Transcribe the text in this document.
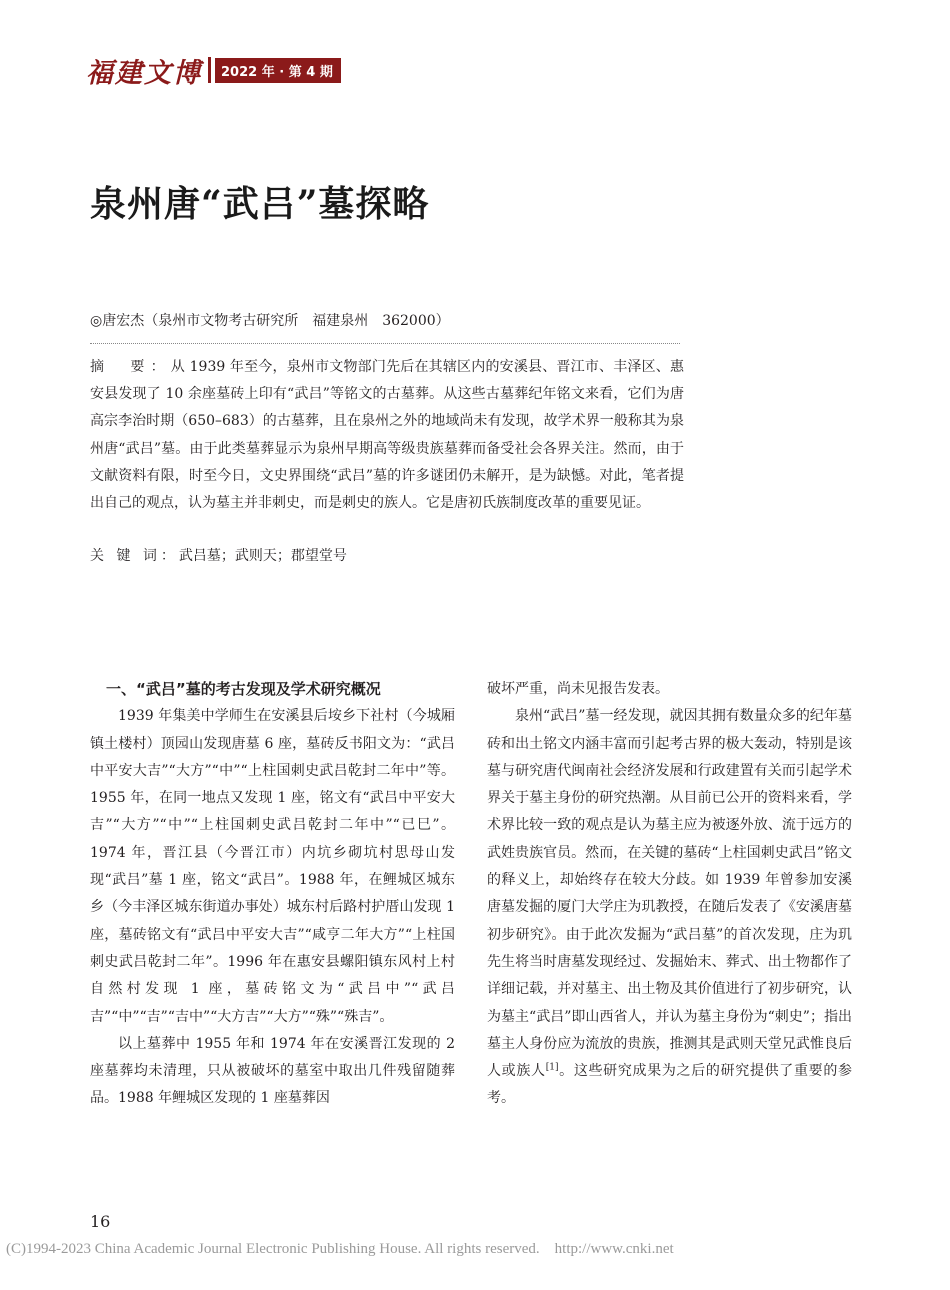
福建文博	2022 年 · 第 4 期
泉州唐“武吕”墓探略
◎唐宏杰（泉州市文物考古研究所　福建泉州　362000）

摘　要：从 1939 年至今，泉州市文物部门先后在其辖区内的安溪县、晋江市、丰泽区、惠安县发现了 10 余座墓砖上印有“武吕”等铭文的古墓葬。从这些古墓葬纪年铭文来看，它们为唐高宗李治时期（650–683）的古墓葬，且在泉州之外的地域尚未有发现，故学术界一般称其为泉州唐“武吕”墓。由于此类墓葬显示为泉州早期高等级贵族墓葬而备受社会各界关注。然而，由于文献资料有限，时至今日，文史界围绕“武吕”墓的许多谜团仍未解开，是为缺憾。对此，笔者提出自己的观点，认为墓主并非刺史，而是刺史的族人。它是唐初氏族制度改革的重要见证。

关 键 词：武吕墓；武则天；郡望堂号
一、“武吕”墓的考古发现及学术研究概况

1939 年集美中学师生在安溪县后垵乡下社村（今城厢镇土楼村）顶园山发现唐墓 6 座，墓砖反书阳文为：“武吕中平安大吉”“大方”“中”“上柱国刺史武吕乾封二年中”等。1955 年，在同一地点又发现 1 座，铭文有“武吕中平安大吉”“大方”“中”“上柱国刺史武吕乾封二年中”“已巳”。1974 年，晋江县（今晋江市）内坑乡砌坑村思母山发现“武吕”墓 1 座，铭文“武吕”。1988 年，在鲤城区城东乡（今丰泽区城东街道办事处）城东村后路村护厝山发现 1 座，墓砖铭文有“武吕中平安大吉”“咸亨二年大方”“上柱国刺史武吕乾封二年”。1996 年在惠安县螺阳镇东风村上村自然村发现 1 座，墓砖铭文为“武吕中”“武吕吉”“中”“吉”“吉中”“大方吉”“大方”“殊”“殊吉”。

以上墓葬中 1955 年和 1974 年在安溪晋江发现的 2 座墓葬均未清理，只从被破坏的墓室中取出几件残留随葬品。1988 年鲤城区发现的 1 座墓葬因

破坏严重，尚未见报告发表。

泉州“武吕”墓一经发现，就因其拥有数量众多的纪年墓砖和出土铭文内涵丰富而引起考古界的极大轰动，特别是该墓与研究唐代闽南社会经济发展和行政建置有关而引起学术界关于墓主身份的研究热潮。从目前已公开的资料来看，学术界比较一致的观点是认为墓主应为被逐外放、流于远方的武姓贵族官员。然而，在关键的墓砖“上柱国刺史武吕”铭文的释义上，却始终存在较大分歧。如 1939 年曾参加安溪唐墓发掘的厦门大学庄为玑教授，在随后发表了《安溪唐墓初步研究》。由于此次发掘为“武吕墓”的首次发现，庄为玑先生将当时唐墓发现经过、发掘始末、葬式、出土物都作了详细记载，并对墓主、出土物及其价值进行了初步研究，认为墓主“武吕”即山西省人，并认为墓主身份为“刺史”；指出墓主人身份应为流放的贵族，推测其是武则天堂兄武惟良后人或族人[1]。这些研究成果为之后的研究提供了重要的参考。

16
(C)1994-2023 China Academic Journal Electronic Publishing House. All rights reserved.    http://www.cnki.net
